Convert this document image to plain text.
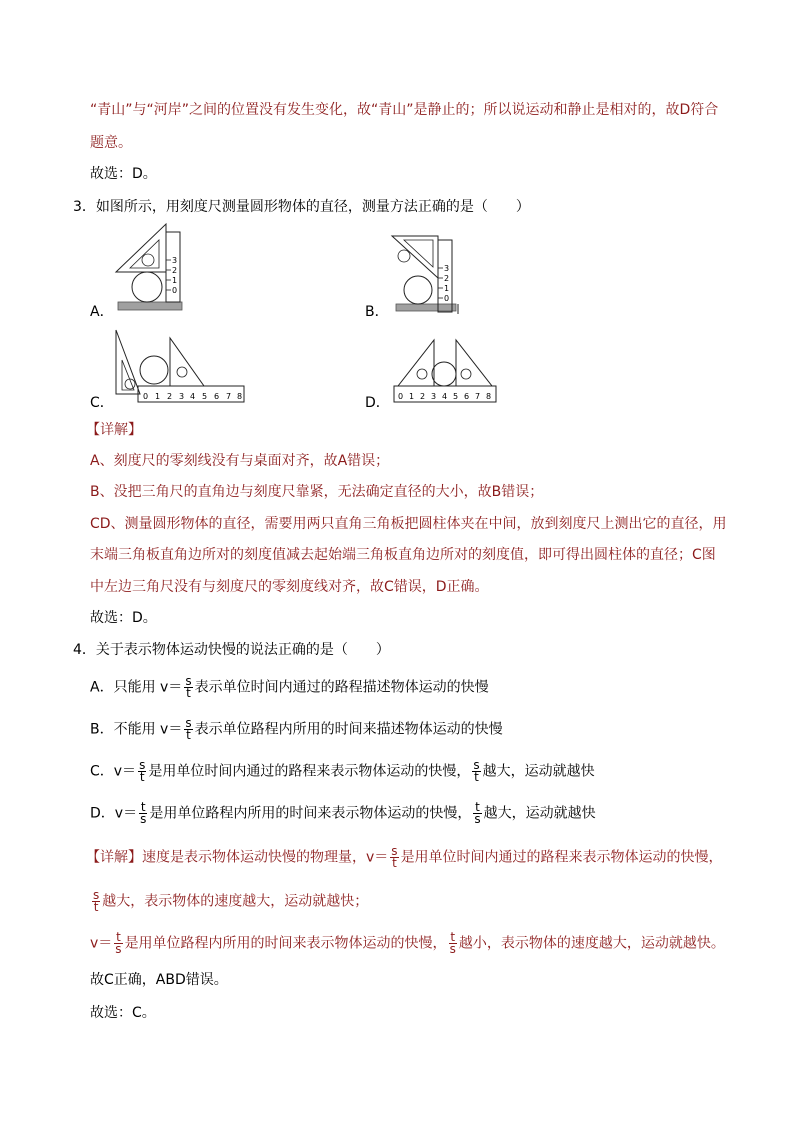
“青山”与“河岸”之间的位置没有发生变化，故“青山”是静止的；所以说运动和静止是相对的，故D符合
题意。
故选：D。
3．如图所示，用刻度尺测量圆形物体的直径，测量方法正确的是（　　）
3
2
1
0
A．
3
2
1
0
B．
0 1 2 3 4 5 6 7 8
C．	0 1 2 3 4 5 6 7 8
D．
【详解】
A、刻度尺的零刻线没有与桌面对齐，故A错误；
B、没把三角尺的直角边与刻度尺靠紧，无法确定直径的大小，故B错误；
CD、测量圆形物体的直径，需要用两只直角三角板把圆柱体夹在中间，放到刻度尺上测出它的直径，用
末端三角板直角边所对的刻度值减去起始端三角板直角边所对的刻度值，即可得出圆柱体的直径；C图
中左边三角尺没有与刻度尺的零刻度线对齐，故C错误，D正确。
故选：D。
4．关于表示物体运动快慢的说法正确的是（　　）
A．只能用 $v= \frac{s}{t}$ 表示单位时间内通过的路程描述物体运动的快慢
B．不能用 $v= \frac{s}{t}$ 表示单位路程内所用的时间来描述物体运动的快慢
C．$v= \frac{s}{t}$ 是用单位时间内通过的路程来表示物体运动的快慢， $\frac{s}{t}$ 越大，运动就越快
D．$v= \frac{t}{s}$ 是用单位路程内所用的时间来表示物体运动的快慢， $\frac{t}{s}$ 越大，运动就越快
【详解】速度是表示物体运动快慢的物理量，$v= \frac{s}{t}$ 是用单位时间内通过的路程来表示物体运动的快慢，
$\frac{s}{t}$ 越大，表示物体的速度越大，运动就越快；
$v= \frac{t}{s}$ 是用单位路程内所用的时间来表示物体运动的快慢， $\frac{t}{s}$ 越小，表示物体的速度越大，运动就越快。
故C正确，ABD错误。
故选：C。
